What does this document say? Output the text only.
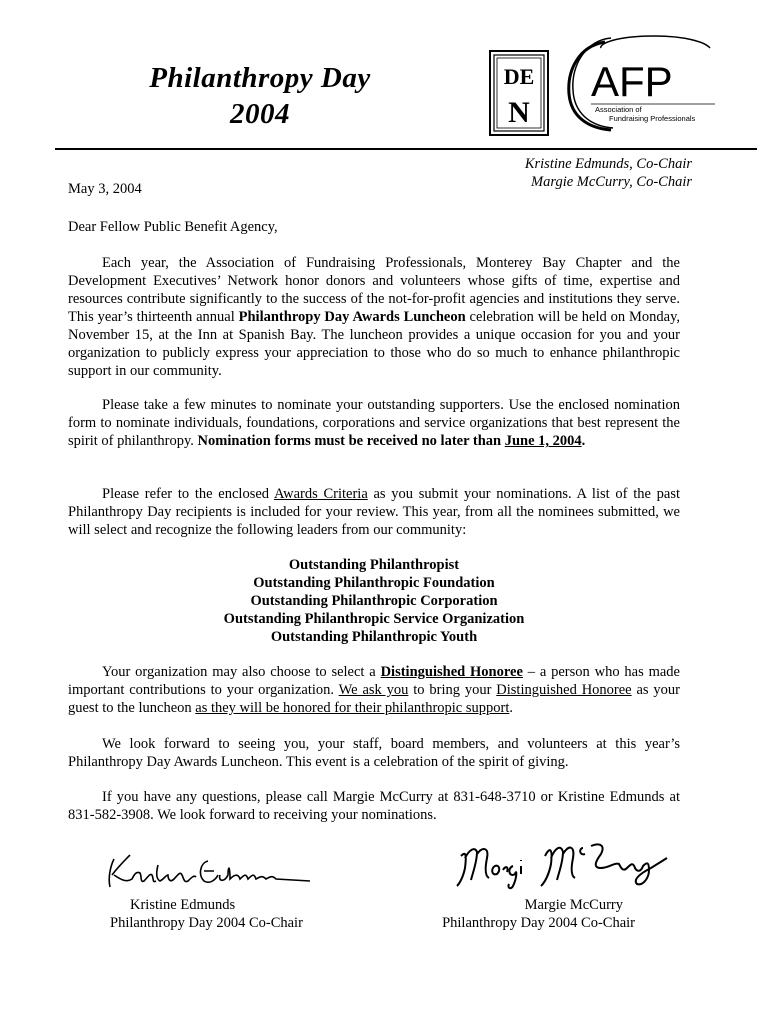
Philanthropy Day
2004
DE
N
AFP
Association of
Fundraising Professionals
Kristine Edmunds, Co-Chair
Margie McCurry, Co-Chair
May 3, 2004
Dear Fellow Public Benefit Agency,

Each year, the Association of Fundraising Professionals, Monterey Bay Chapter and the Development Executives’ Network honor donors and volunteers whose gifts of time, expertise and resources contribute significantly to the success of the not-for-profit agencies and institutions they serve. This year’s thirteenth annual Philanthropy Day Awards Luncheon celebration will be held on Monday, November 15, at the Inn at Spanish Bay. The luncheon provides a unique occasion for you and your organization to publicly express your appreciation to those who do so much to enhance philanthropic support in our community.

Please take a few minutes to nominate your outstanding supporters. Use the enclosed nomination form to nominate individuals, foundations, corporations and service organizations that best represent the spirit of philanthropy. Nomination forms must be received no later than June 1, 2004.

Please refer to the enclosed Awards Criteria as you submit your nominations. A list of the past Philanthropy Day recipients is included for your review. This year, from all the nominees submitted, we will select and recognize the following leaders from our community:

Outstanding Philanthropist
Outstanding Philanthropic Foundation
Outstanding Philanthropic Corporation
Outstanding Philanthropic Service Organization
Outstanding Philanthropic Youth

Your organization may also choose to select a Distinguished Honoree – a person who has made important contributions to your organization. We ask you to bring your Distinguished Honoree as your guest to the luncheon as they will be honored for their philanthropic support.

We look forward to seeing you, your staff, board members, and volunteers at this year’s Philanthropy Day Awards Luncheon. This event is a celebration of the spirit of giving.

If you have any questions, please call Margie McCurry at 831-648-3710 or Kristine Edmunds at 831-582-3908. We look forward to receiving your nominations.

Kristine Edmunds
Philanthropy Day 2004 Co-Chair
Margie McCurry
Philanthropy Day 2004 Co-Chair
